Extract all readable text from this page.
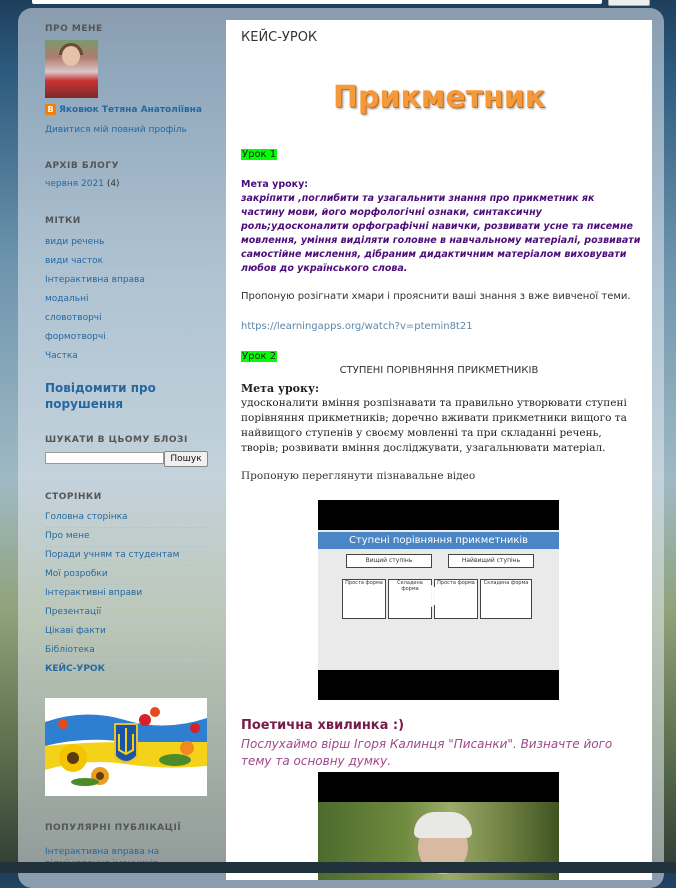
ПРО МЕНЕ
B Яковюк Тетяна Анатоліївна
Дивитися мій повний профіль
АРХІВ БЛОГУ
червня 2021 (4)
МІТКИ
види речень
види часток
Інтерактивна вправа
модальні
словотворчі
формотворчі
Частка
Повідомити про порушення
ШУКАТИ В ЦЬОМУ БЛОЗІ
Пошук
СТОРІНКИ
Головна сторінка
Про мене
Поради учням та студентам
Мої розробки
Інтерактивні вправи
Презентації
Цікаві факти
Бібліотека
КЕЙС-УРОК
ПОПУЛЯРНІ ПУБЛІКАЦІЇ
Інтерактивна вправа на
КЕЙС-УРОК
Прикметник
Урок 1
Мета уроку:
закріпити ,поглибити та узагальнити знання про прикметник як частину мови, його морфологічні ознаки, синтаксичну роль;удосконалити орфографічні навички, розвивати усне та писемне мовлення, уміння виділяти головне в навчальному матеріалі, розвивати самостійне мислення, дібраним дидактичним матеріалом виховувати любов до українського слова.
Пропоную розігнати хмари і прояснити ваші знання з вже вивченої теми.
https://learningapps.org/watch?v=ptemin8t21
Урок 2
СТУПЕНІ ПОРІВНЯННЯ ПРИКМЕТНИКІВ
Мета уроку:
удосконалити вміння розпізнавати та правильно утворювати ступені порівняння прикметників; доречно вживати прикметники вищого та найвищого ступенів у своєму мовленні та при складанні речень, творів; розвивати вміння досліджувати, узагальнювати матеріал.
Пропоную переглянути пізнавальне відео
Ступені порівняння прикметників
Вищий ступінь	Найвищий ступінь
Проста форма	Складена форма
Проста форма	Складена форма
Поетична хвилинка :)
Послухаймо вірш Ігоря Калинця "Писанки". Визначте його тему та основну думку.
